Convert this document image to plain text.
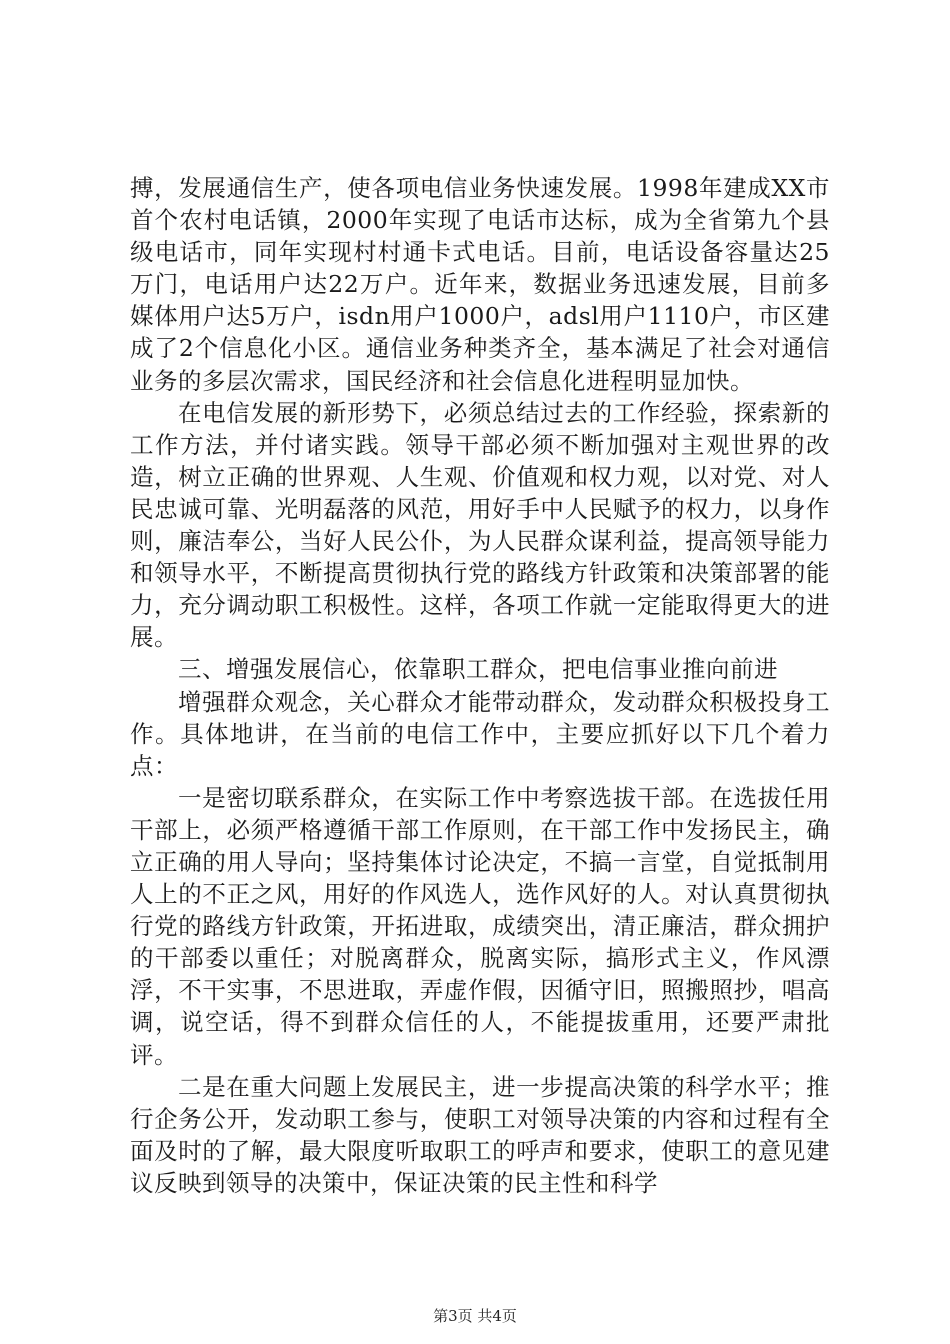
搏，发展通信生产，使各项电信业务快速发展。1998年建成XX市首个农村电话镇，2000年实现了电话市达标，成为全省第九个县级电话市，同年实现村村通卡式电话。目前，电话设备容量达25万门，电话用户达22万户。近年来，数据业务迅速发展，目前多媒体用户达5万户，isdn用户1000户，adsl用户1110户，市区建成了2个信息化小区。通信业务种类齐全，基本满足了社会对通信业务的多层次需求，国民经济和社会信息化进程明显加快。

在电信发展的新形势下，必须总结过去的工作经验，探索新的工作方法，并付诸实践。领导干部必须不断加强对主观世界的改造，树立正确的世界观、人生观、价值观和权力观，以对党、对人民忠诚可靠、光明磊落的风范，用好手中人民赋予的权力，以身作则，廉洁奉公，当好人民公仆，为人民群众谋利益，提高领导能力和领导水平，不断提高贯彻执行党的路线方针政策和决策部署的能力，充分调动职工积极性。这样，各项工作就一定能取得更大的进展。

三、增强发展信心，依靠职工群众，把电信事业推向前进

增强群众观念，关心群众才能带动群众，发动群众积极投身工作。具体地讲，在当前的电信工作中，主要应抓好以下几个着力点：

一是密切联系群众，在实际工作中考察选拔干部。在选拔任用干部上，必须严格遵循干部工作原则，在干部工作中发扬民主，确立正确的用人导向；坚持集体讨论决定，不搞一言堂，自觉抵制用人上的不正之风，用好的作风选人，选作风好的人。对认真贯彻执行党的路线方针政策，开拓进取，成绩突出，清正廉洁，群众拥护的干部委以重任；对脱离群众，脱离实际，搞形式主义，作风漂浮，不干实事，不思进取，弄虚作假，因循守旧，照搬照抄，唱高调，说空话，得不到群众信任的人，不能提拔重用，还要严肃批评。

二是在重大问题上发展民主，进一步提高决策的科学水平；推行企务公开，发动职工参与，使职工对领导决策的内容和过程有全面及时的了解，最大限度听取职工的呼声和要求，使职工的意见建议反映到领导的决策中，保证决策的民主性和科学

第3页 共4页
